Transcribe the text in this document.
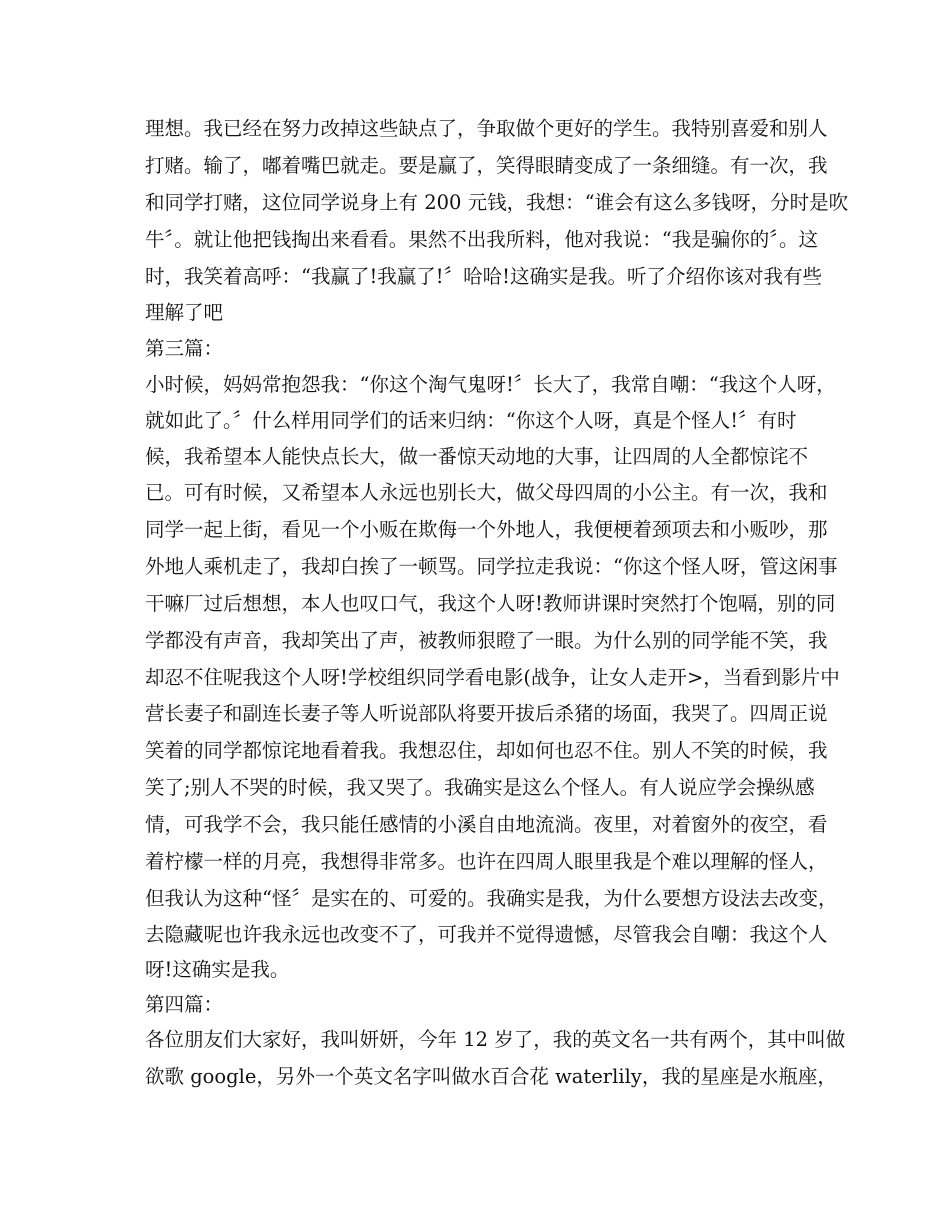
理想。我已经在努力改掉这些缺点了，争取做个更好的学生。我特别喜爱和别人
打赌。输了，嘟着嘴巴就走。要是赢了，笑得眼睛变成了一条细缝。有一次，我
和同学打赌，这位同学说身上有 200 元钱，我想：“谁会有这么多钱呀，分时是吹
牛〞。就让他把钱掏出来看看。果然不出我所料，他对我说：“我是骗你的〞。这
时，我笑着高呼：“我赢了!我赢了!〞哈哈!这确实是我。听了介绍你该对我有些
理解了吧
第三篇：
小时候，妈妈常抱怨我：“你这个淘气鬼呀!〞长大了，我常自嘲：“我这个人呀，
就如此了。〞什么样用同学们的话来归纳：“你这个人呀，真是个怪人!〞有时
候，我希望本人能快点长大，做一番惊天动地的大事，让四周的人全都惊诧不
已。可有时候，又希望本人永远也别长大，做父母四周的小公主。有一次，我和
同学一起上街，看见一个小贩在欺侮一个外地人，我便梗着颈项去和小贩吵，那
外地人乘机走了，我却白挨了一顿骂。同学拉走我说：“你这个怪人呀，管这闲事
干嘛厂过后想想，本人也叹口气，我这个人呀!教师讲课时突然打个饱嗝，别的同
学都没有声音，我却笑出了声，被教师狠瞪了一眼。为什么别的同学能不笑，我
却忍不住呢我这个人呀!学校组织同学看电影(战争，让女人走开>，当看到影片中
营长妻子和副连长妻子等人听说部队将要开拔后杀猪的场面，我哭了。四周正说
笑着的同学都惊诧地看着我。我想忍住，却如何也忍不住。别人不笑的时候，我
笑了;别人不哭的时候，我又哭了。我确实是这么个怪人。有人说应学会操纵感
情，可我学不会，我只能任感情的小溪自由地流淌。夜里，对着窗外的夜空，看
着柠檬一样的月亮，我想得非常多。也许在四周人眼里我是个难以理解的怪人，
但我认为这种“怪〞是实在的、可爱的。我确实是我，为什么要想方设法去改变，
去隐藏呢也许我永远也改变不了，可我并不觉得遗憾，尽管我会自嘲：我这个人
呀!这确实是我。
第四篇：
各位朋友们大家好，我叫妍妍，今年 12 岁了，我的英文名一共有两个，其中叫做
欲歌 google，另外一个英文名字叫做水百合花 waterlily，我的星座是水瓶座，
